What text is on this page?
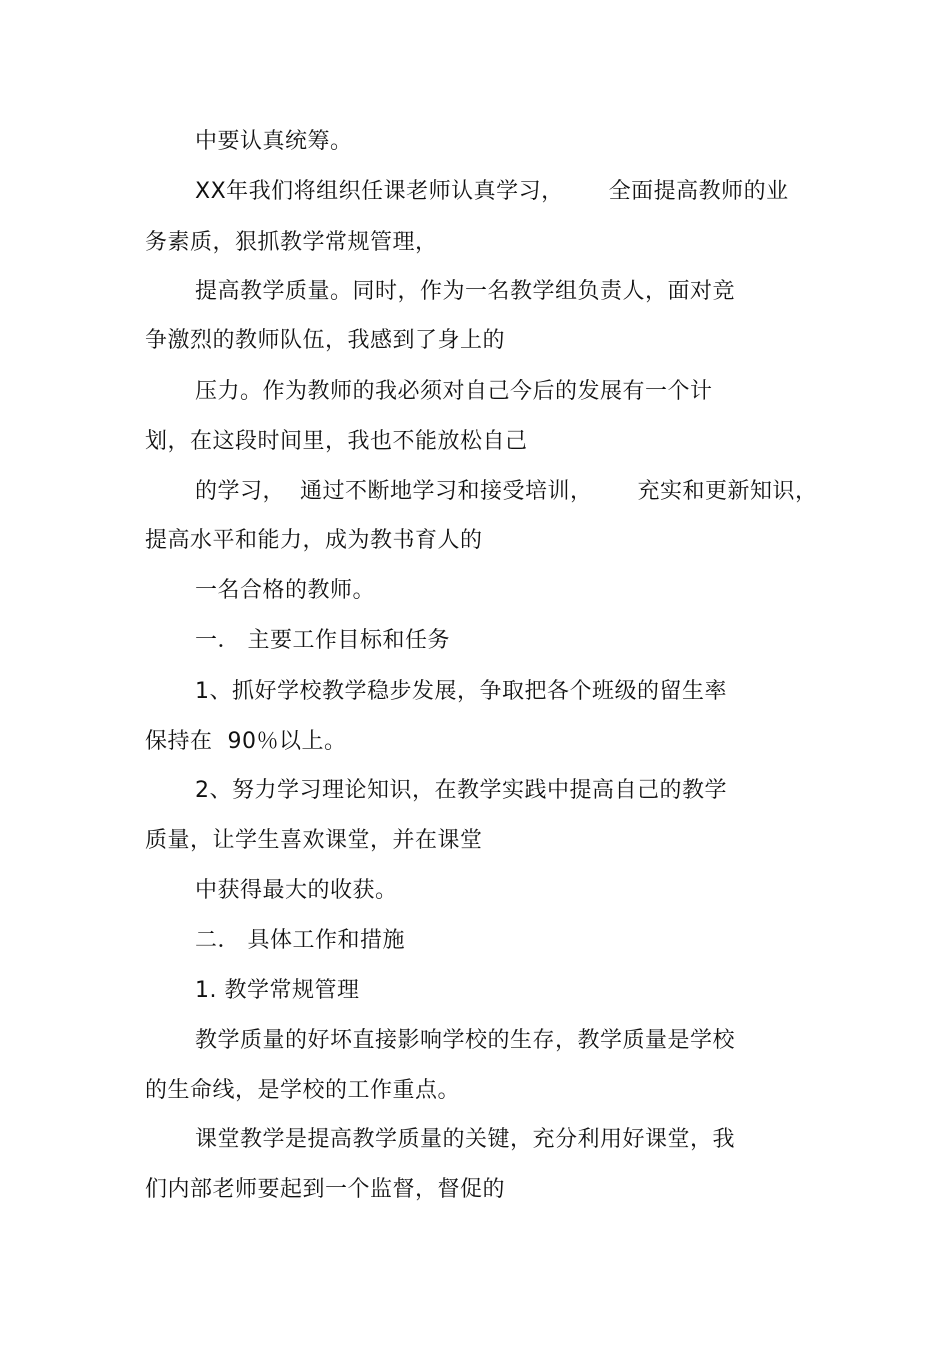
中要认真统筹。
XX年我们将组织任课老师认真学习，      全面提高教师的业
务素质，狠抓教学常规管理，
提高教学质量。同时，作为一名教学组负责人，面对竞
争激烈的教师队伍，我感到了身上的
压力。作为教师的我必须对自己今后的发展有一个计
划，在这段时间里，我也不能放松自己
的学习，  通过不断地学习和接受培训，      充实和更新知识，
提高水平和能力，成为教书育人的
一名合格的教师。
一． 主要工作目标和任务
1、抓好学校教学稳步发展，争取把各个班级的留生率
保持在  90％以上。
2、努力学习理论知识，在教学实践中提高自己的教学
质量，让学生喜欢课堂，并在课堂
中获得最大的收获。
二． 具体工作和措施
1. 教学常规管理
教学质量的好坏直接影响学校的生存，教学质量是学校
的生命线，是学校的工作重点。
课堂教学是提高教学质量的关键，充分利用好课堂，我
们内部老师要起到一个监督，督促的
